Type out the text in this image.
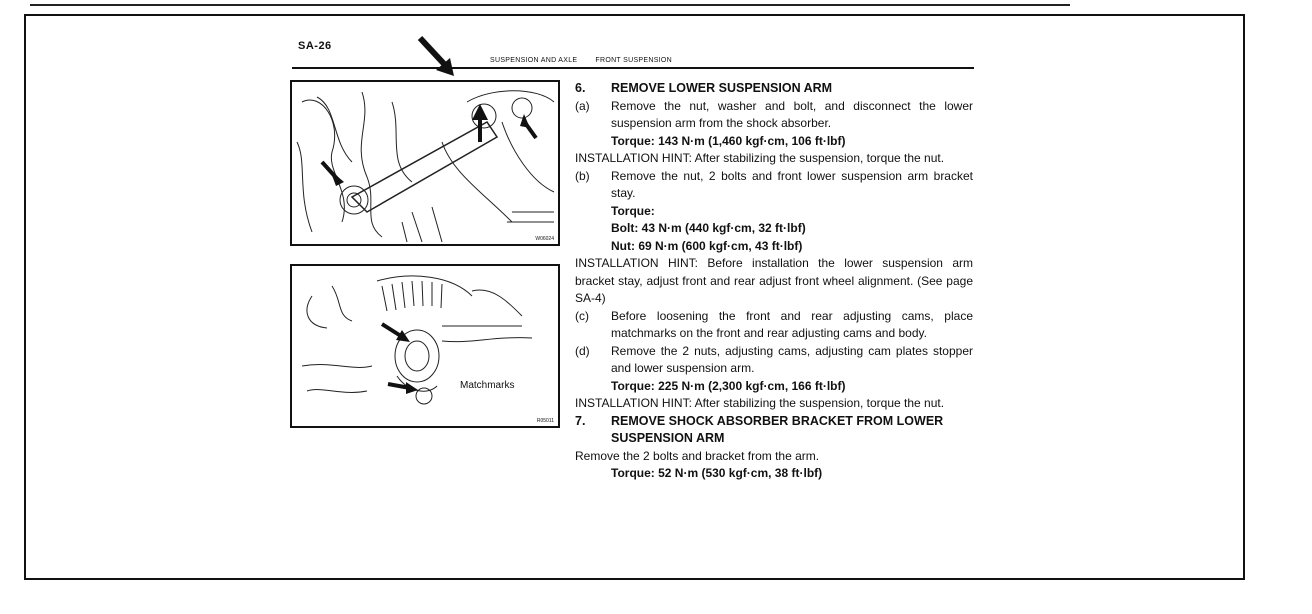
SA-26
SUSPENSION AND AXLE	FRONT SUSPENSION
W06024
Matchmarks
R05011
6.	REMOVE LOWER SUSPENSION ARM
(a)	Remove the nut, washer and bolt, and disconnect the lower suspension arm from the shock absorber.
Torque: 143 N·m (1,460 kgf·cm, 106 ft·lbf)
INSTALLATION HINT: After stabilizing the suspension, torque the nut.
(b)	Remove the nut, 2 bolts and front lower suspension arm bracket stay.
Torque:
Bolt: 43 N·m (440 kgf·cm, 32 ft·lbf)
Nut: 69 N·m (600 kgf·cm, 43 ft·lbf)
INSTALLATION HINT: Before installation the lower suspension arm bracket stay, adjust front and rear adjust front wheel alignment. (See page SA-4)
(c)	Before loosening the front and rear adjusting cams, place matchmarks on the front and rear adjusting cams and body.
(d)	Remove the 2 nuts, adjusting cams, adjusting cam plates stopper and lower suspension arm.
Torque: 225 N·m (2,300 kgf·cm, 166 ft·lbf)
INSTALLATION HINT: After stabilizing the suspension, torque the nut.
7.	REMOVE SHOCK ABSORBER BRACKET FROM LOWER SUSPENSION ARM
Remove the 2 bolts and bracket from the arm.
Torque: 52 N·m (530 kgf·cm, 38 ft·lbf)
